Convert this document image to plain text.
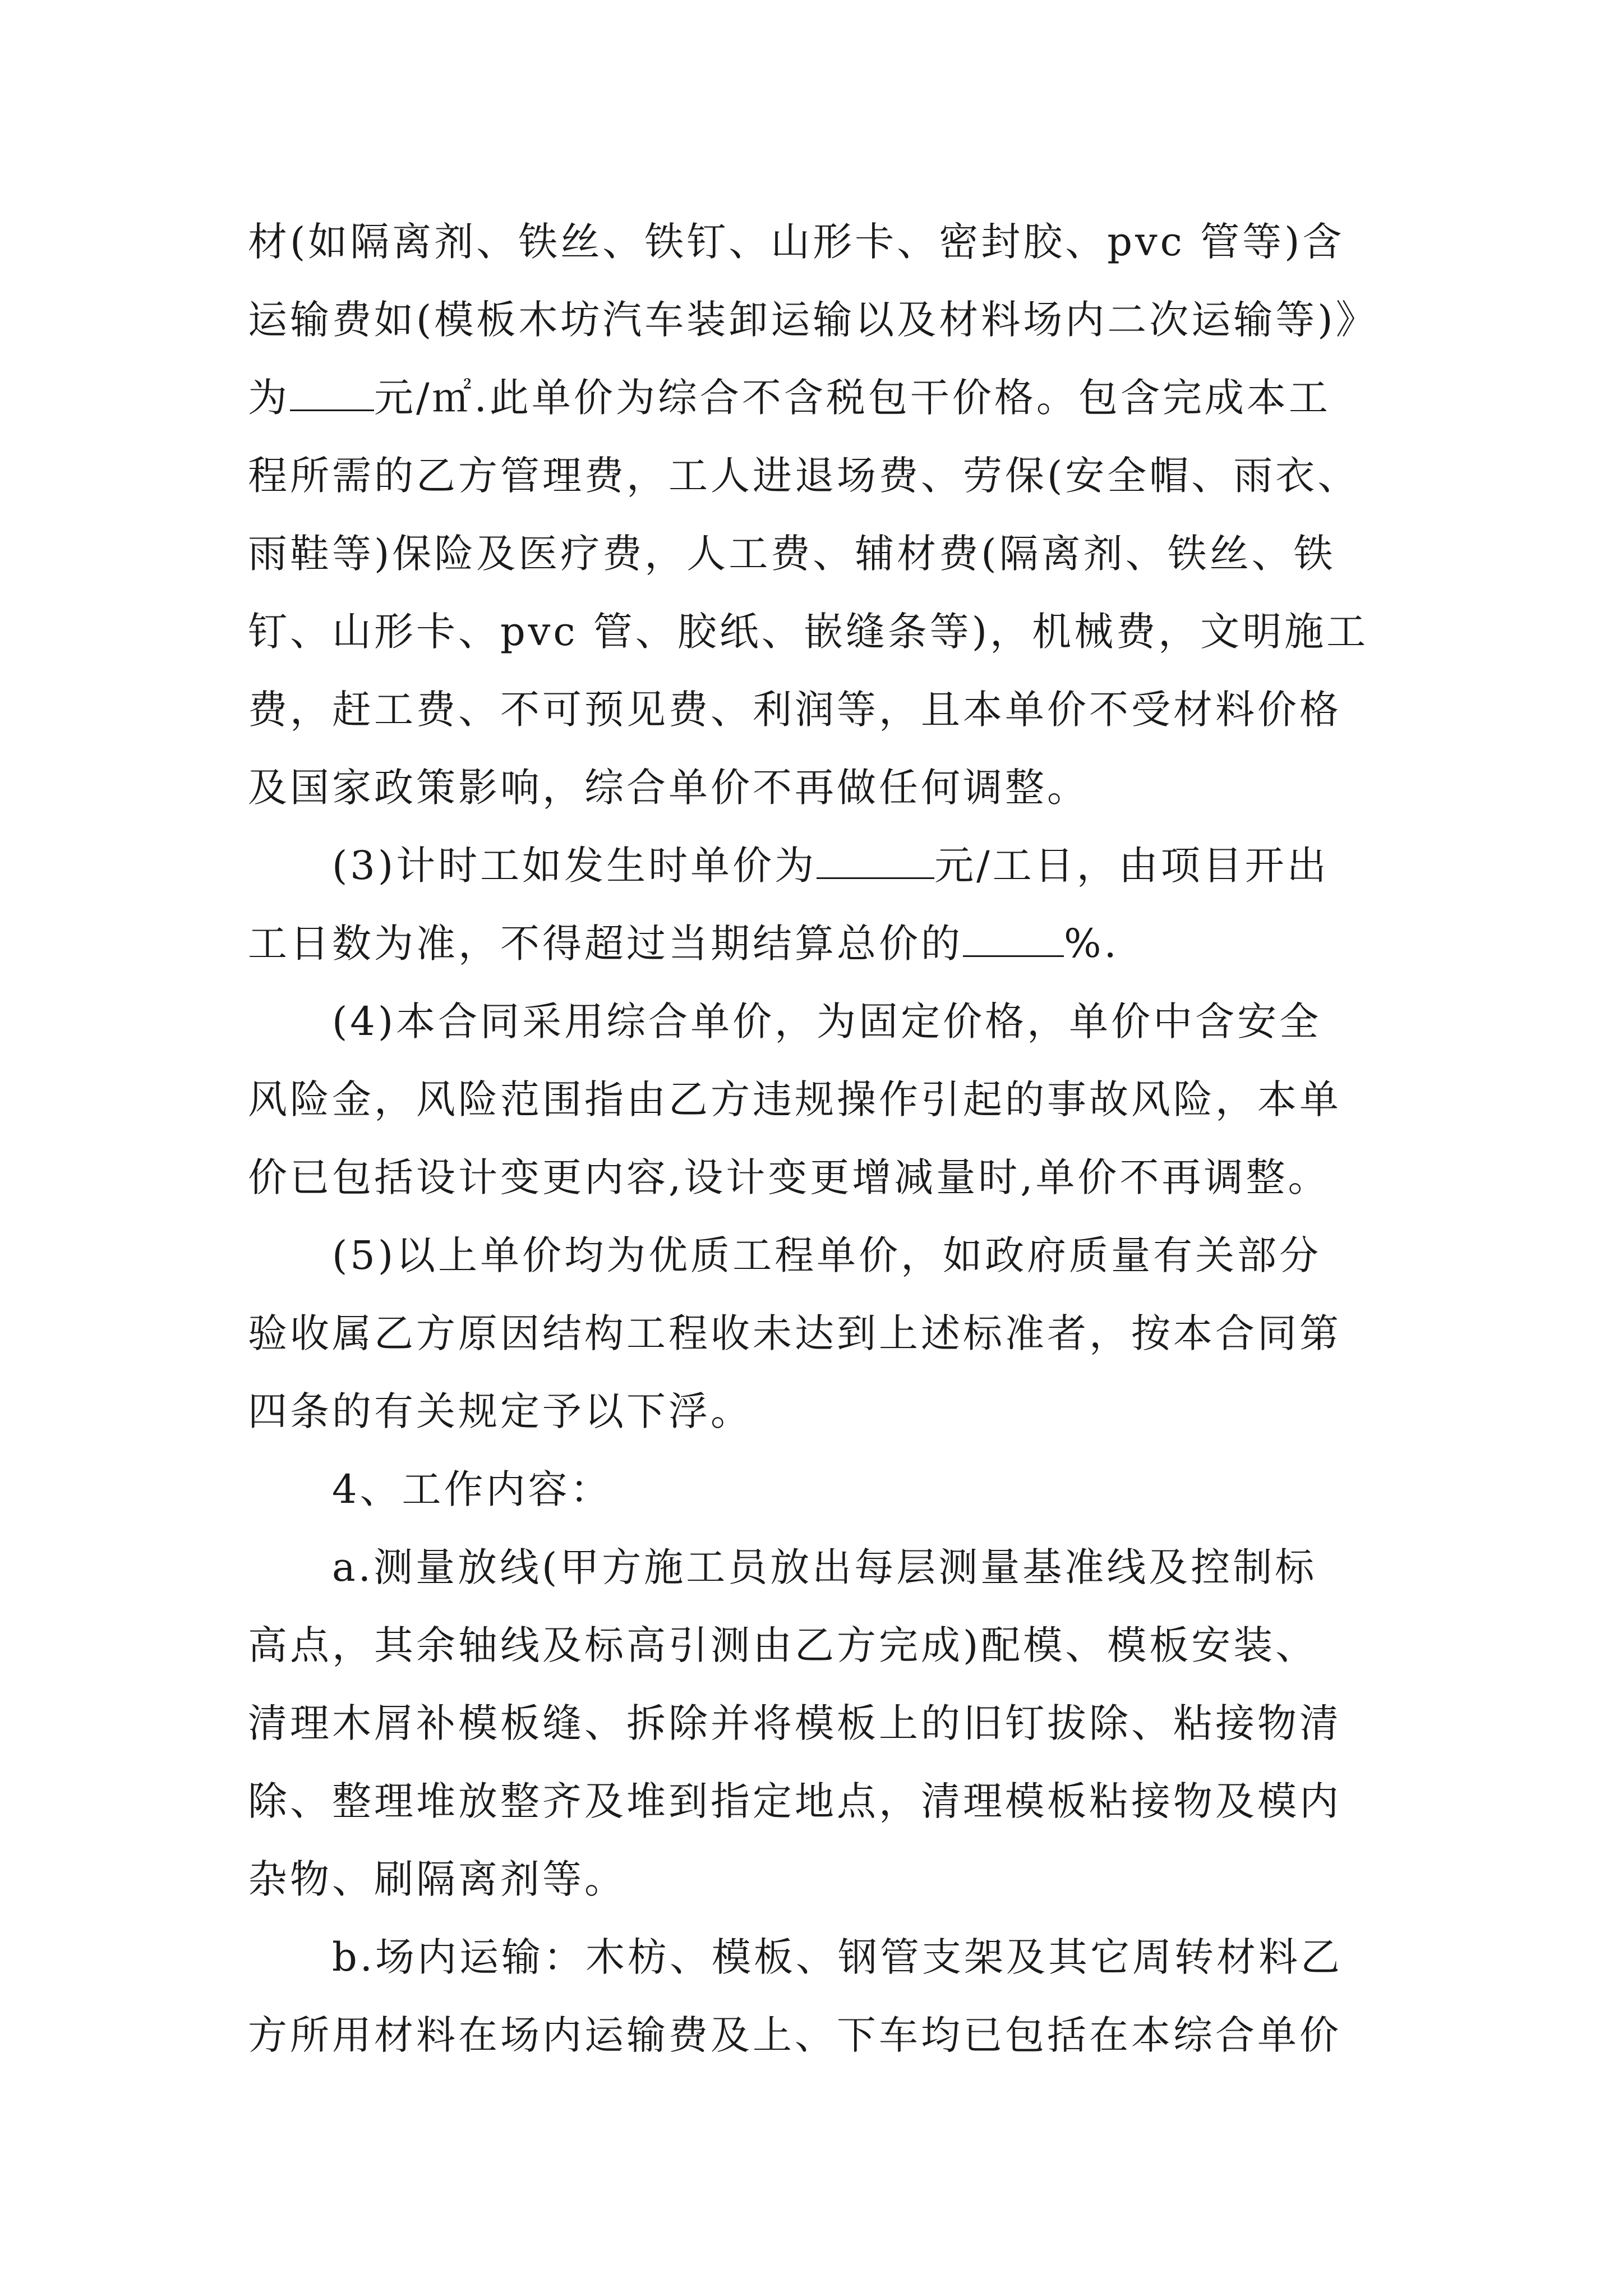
材(如隔离剂、铁丝、铁钉、山形卡、密封胶、pvc 管等)含
运输费如(模板木坊汽车装卸运输以及材料场内二次运输等)》
为 元/㎡.此单价为综合不含税包干价格。包含完成本工
程所需的乙方管理费，工人进退场费、劳保(安全帽、雨衣、
雨鞋等)保险及医疗费，人工费、辅材费(隔离剂、铁丝、铁
钉、山形卡、pvc 管、胶纸、嵌缝条等)，机械费，文明施工
费，赶工费、不可预见费、利润等，且本单价不受材料价格
及国家政策影响，综合单价不再做任何调整。
(3)计时工如发生时单价为	元/工日，由项目开出
工日数为准，不得超过当期结算总价的	%.
(4)本合同采用综合单价，为固定价格，单价中含安全
风险金，风险范围指由乙方违规操作引起的事故风险，本单
价已包括设计变更内容,设计变更增减量时,单价不再调整。
(5)以上单价均为优质工程单价，如政府质量有关部分
验收属乙方原因结构工程收未达到上述标准者，按本合同第
四条的有关规定予以下浮。
4、工作内容：
a.测量放线(甲方施工员放出每层测量基准线及控制标
高点，其余轴线及标高引测由乙方完成)配模、模板安装、
清理木屑补模板缝、拆除并将模板上的旧钉拔除、粘接物清
除、整理堆放整齐及堆到指定地点，清理模板粘接物及模内
杂物、刷隔离剂等。
b.场内运输：木枋、模板、钢管支架及其它周转材料乙
方所用材料在场内运输费及上、下车均已包括在本综合单价
